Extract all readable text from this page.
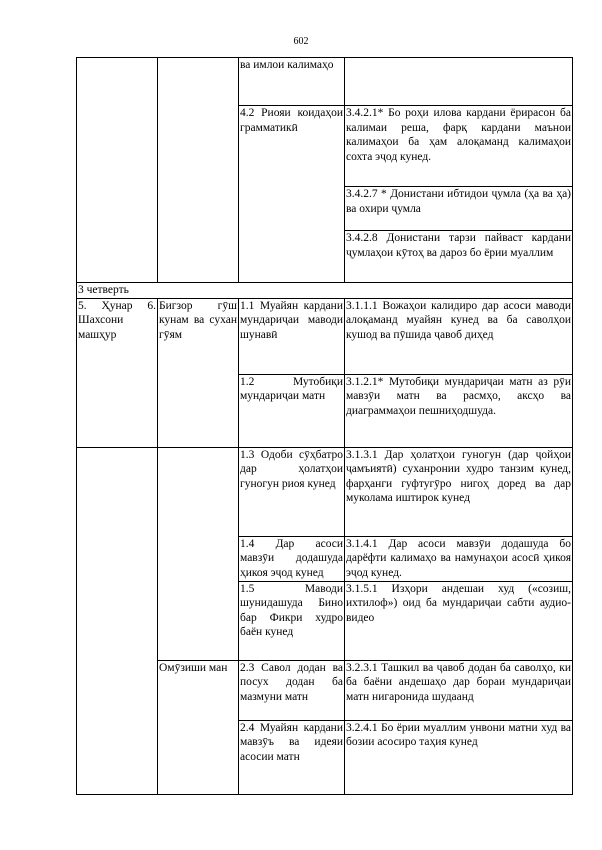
602
		ва имлои калимаҳо	
		4.2 Риояи коидаҳои грамматикӣ	3.4.2.1* Бо роҳи илова кардани ёрирасон ба калимаи реша, фарқ кардани маънои калимаҳои ба ҳам алоқаманд калимаҳои сохта эҷод кунед.
			3.4.2.7 * Донистани ибтидои ҷумла (ҳа ва ҳа) ва охири ҷумла
			3.4.2.8 Донистани тарзи пайваст кардани ҷумлаҳои кӯтоҳ ва дароз бо ёрии муаллим
3 четверть			
5. Ҳунар 6. Шахсони машҳур	Бигзор гӯш кунам ва сухан гӯям	1.1 Муайян кардани мундариҷаи маводи шунавӣ	3.1.1.1 Вожаҳои калидиро дар асоси маводи алоқаманд муайян кунед ва ба саволҳои кушод ва пӯшида ҷавоб диҳед
		1.2 Мутобиқи мундариҷаи матн	3.1.2.1* Мутобиқи мундариҷаи матн аз рӯи мавзӯи матн ва расмҳо, аксҳо ва диаграммаҳои пешниҳодшуда.
		1.3 Одоби сӯҳбатро дар ҳолатҳои гуногун риоя кунед	3.1.3.1 Дар ҳолатҳои гуногун (дар ҷойҳои ҷамъиятӣ) суханронии худро танзим кунед, фарҳанги гуфтугӯро нигоҳ доред ва дар муколама иштирок кунед
		1.4 Дар асоси мавзӯи додашуда ҳикоя эҷод кунед	3.1.4.1 Дар асоси мавзӯи додашуда бо дарёфти калимаҳо ва намунаҳои асосӣ ҳикоя эҷод кунед.
		1.5 Маводи шунидашуда Бино бар Фикри худро баён кунед	3.1.5.1 Изҳори андешаи худ («созиш, ихтилоф») оид ба мундариҷаи сабти аудио-видео
	Омӯзиши ман	2.3 Савол додан ва посух додан ба мазмуни матн	3.2.3.1 Ташкил ва ҷавоб додан ба саволҳо, ки ба баёни андешаҳо дар бораи мундариҷаи матн нигаронида шудаанд
		2.4 Муайян кардани мавзӯъ ва идеяи асосии матн	3.2.4.1 Бо ёрии муаллим унвони матни худ ва бозии асосиро таҳия кунед
